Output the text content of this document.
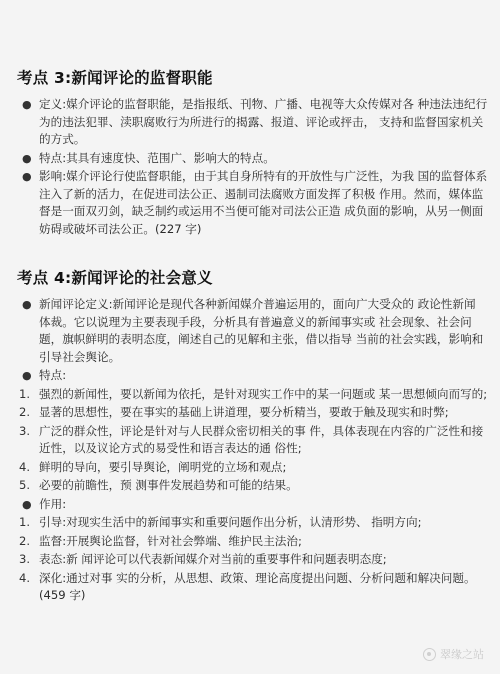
考点 3:新闻评论的监督职能
● 定义:媒介评论的监督职能，是指报纸、刊物、广播、电视等大众传媒对各 种违法违纪行为的违法犯罪、渎职腐败行为所进行的揭露、报道、评论或抨击， 支持和监督国家机关的方式。
● 特点:其具有速度快、范围广、影响大的特点。
● 影响:媒介评论行使监督职能，由于其自身所特有的开放性与广泛性，为我 国的监督体系注入了新的活力，在促进司法公正、遏制司法腐败方面发挥了积极 作用。然而，媒体监督是一面双刃剑，缺乏制约或运用不当便可能对司法公正造 成负面的影响，从另一侧面妨碍或破坏司法公正。(227 字)
考点 4:新闻评论的社会意义
● 新闻评论定义:新闻评论是现代各种新闻媒介普遍运用的，面向广大受众的 政论性新闻 体裁。它以说理为主要表现手段，分析具有普遍意义的新闻事实或 社会现象、社会问题，旗帜鲜明的表明态度，阐述自己的见解和主张，借以指导 当前的社会实践，影响和引导社会舆论。
● 特点:
1. 强烈的新闻性，要以新闻为依托，是针对现实工作中的某一问题或 某一思想倾向而写的;
2. 显著的思想性，要在事实的基础上讲道理，要分析精当，要敢于触及现实和时弊;
3. 广泛的群众性，评论是针对与人民群众密切相关的事 件，具体表现在内容的广泛性和接近性，以及议论方式的易受性和语言表达的通 俗性;
4. 鲜明的导向，要引导舆论，阐明党的立场和观点;
5. 必要的前瞻性，预 测事件发展趋势和可能的结果。
● 作用:
1. 引导:对现实生活中的新闻事实和重要问题作出分析，认清形势、 指明方向;
2. 监督:开展舆论监督，针对社会弊端、维护民主法治;
3. 表态:新 闻评论可以代表新闻媒介对当前的重要事件和问题表明态度;
4. 深化:通过对事 实的分析，从思想、政策、理论高度提出问题、分析问题和解决问题。(459 字)
翠缘之站
